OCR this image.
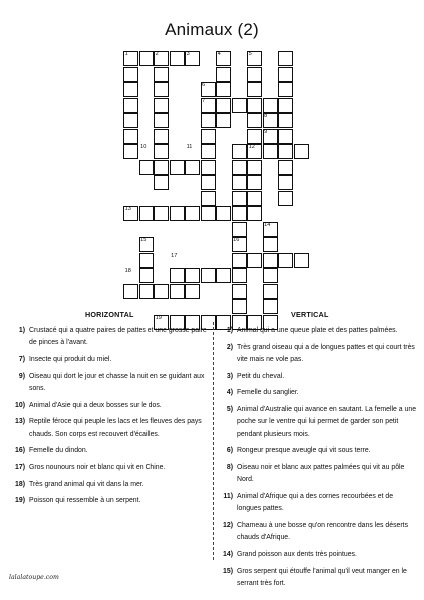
Animaux (2)
1	2	3	4	5
6
7
8
9
10	11	12
13
14
15	16
17
18
19
HORIZONTAL	VERTICAL
1) Crustacé qui a quatre paires de pattes et une grosse paire de pinces à l'avant.
7) Insecte qui produit du miel.
9) Oiseau qui dort le jour et chasse la nuit en se guidant aux sons.
10) Animal d'Asie qui a deux bosses sur le dos.
13) Reptile féroce qui peuple les lacs et les fleuves des pays chauds. Son corps est recouvert d'écailles.
16) Femelle du dindon.
17) Gros nounours noir et blanc qui vit en Chine.
18) Très grand animal qui vit dans la mer.
19) Poisson qui ressemble à un serpent.
1) Animal qui a une queue plate et des pattes palmées.
2) Très grand oiseau qui a de longues pattes et qui court très vite mais ne vole pas.
3) Petit du cheval.
4) Femelle du sanglier.
5) Animal d'Australie qui avance en sautant. La femelle a une poche sur le ventre qui lui permet de garder son petit pendant plusieurs mois.
6) Rongeur presque aveugle qui vit sous terre.
8) Oiseau noir et blanc aux pattes palmées qui vit au pôle Nord.
11) Animal d'Afrique qui a des cornes recourbées et de longues pattes.
12) Chameau à une bosse qu'on rencontre dans les déserts chauds d'Afrique.
14) Grand poisson aux dents très pointues.
15) Gros serpent qui étouffe l'animal qu'il veut manger en le serrant très fort.
lalalatoupe.com
